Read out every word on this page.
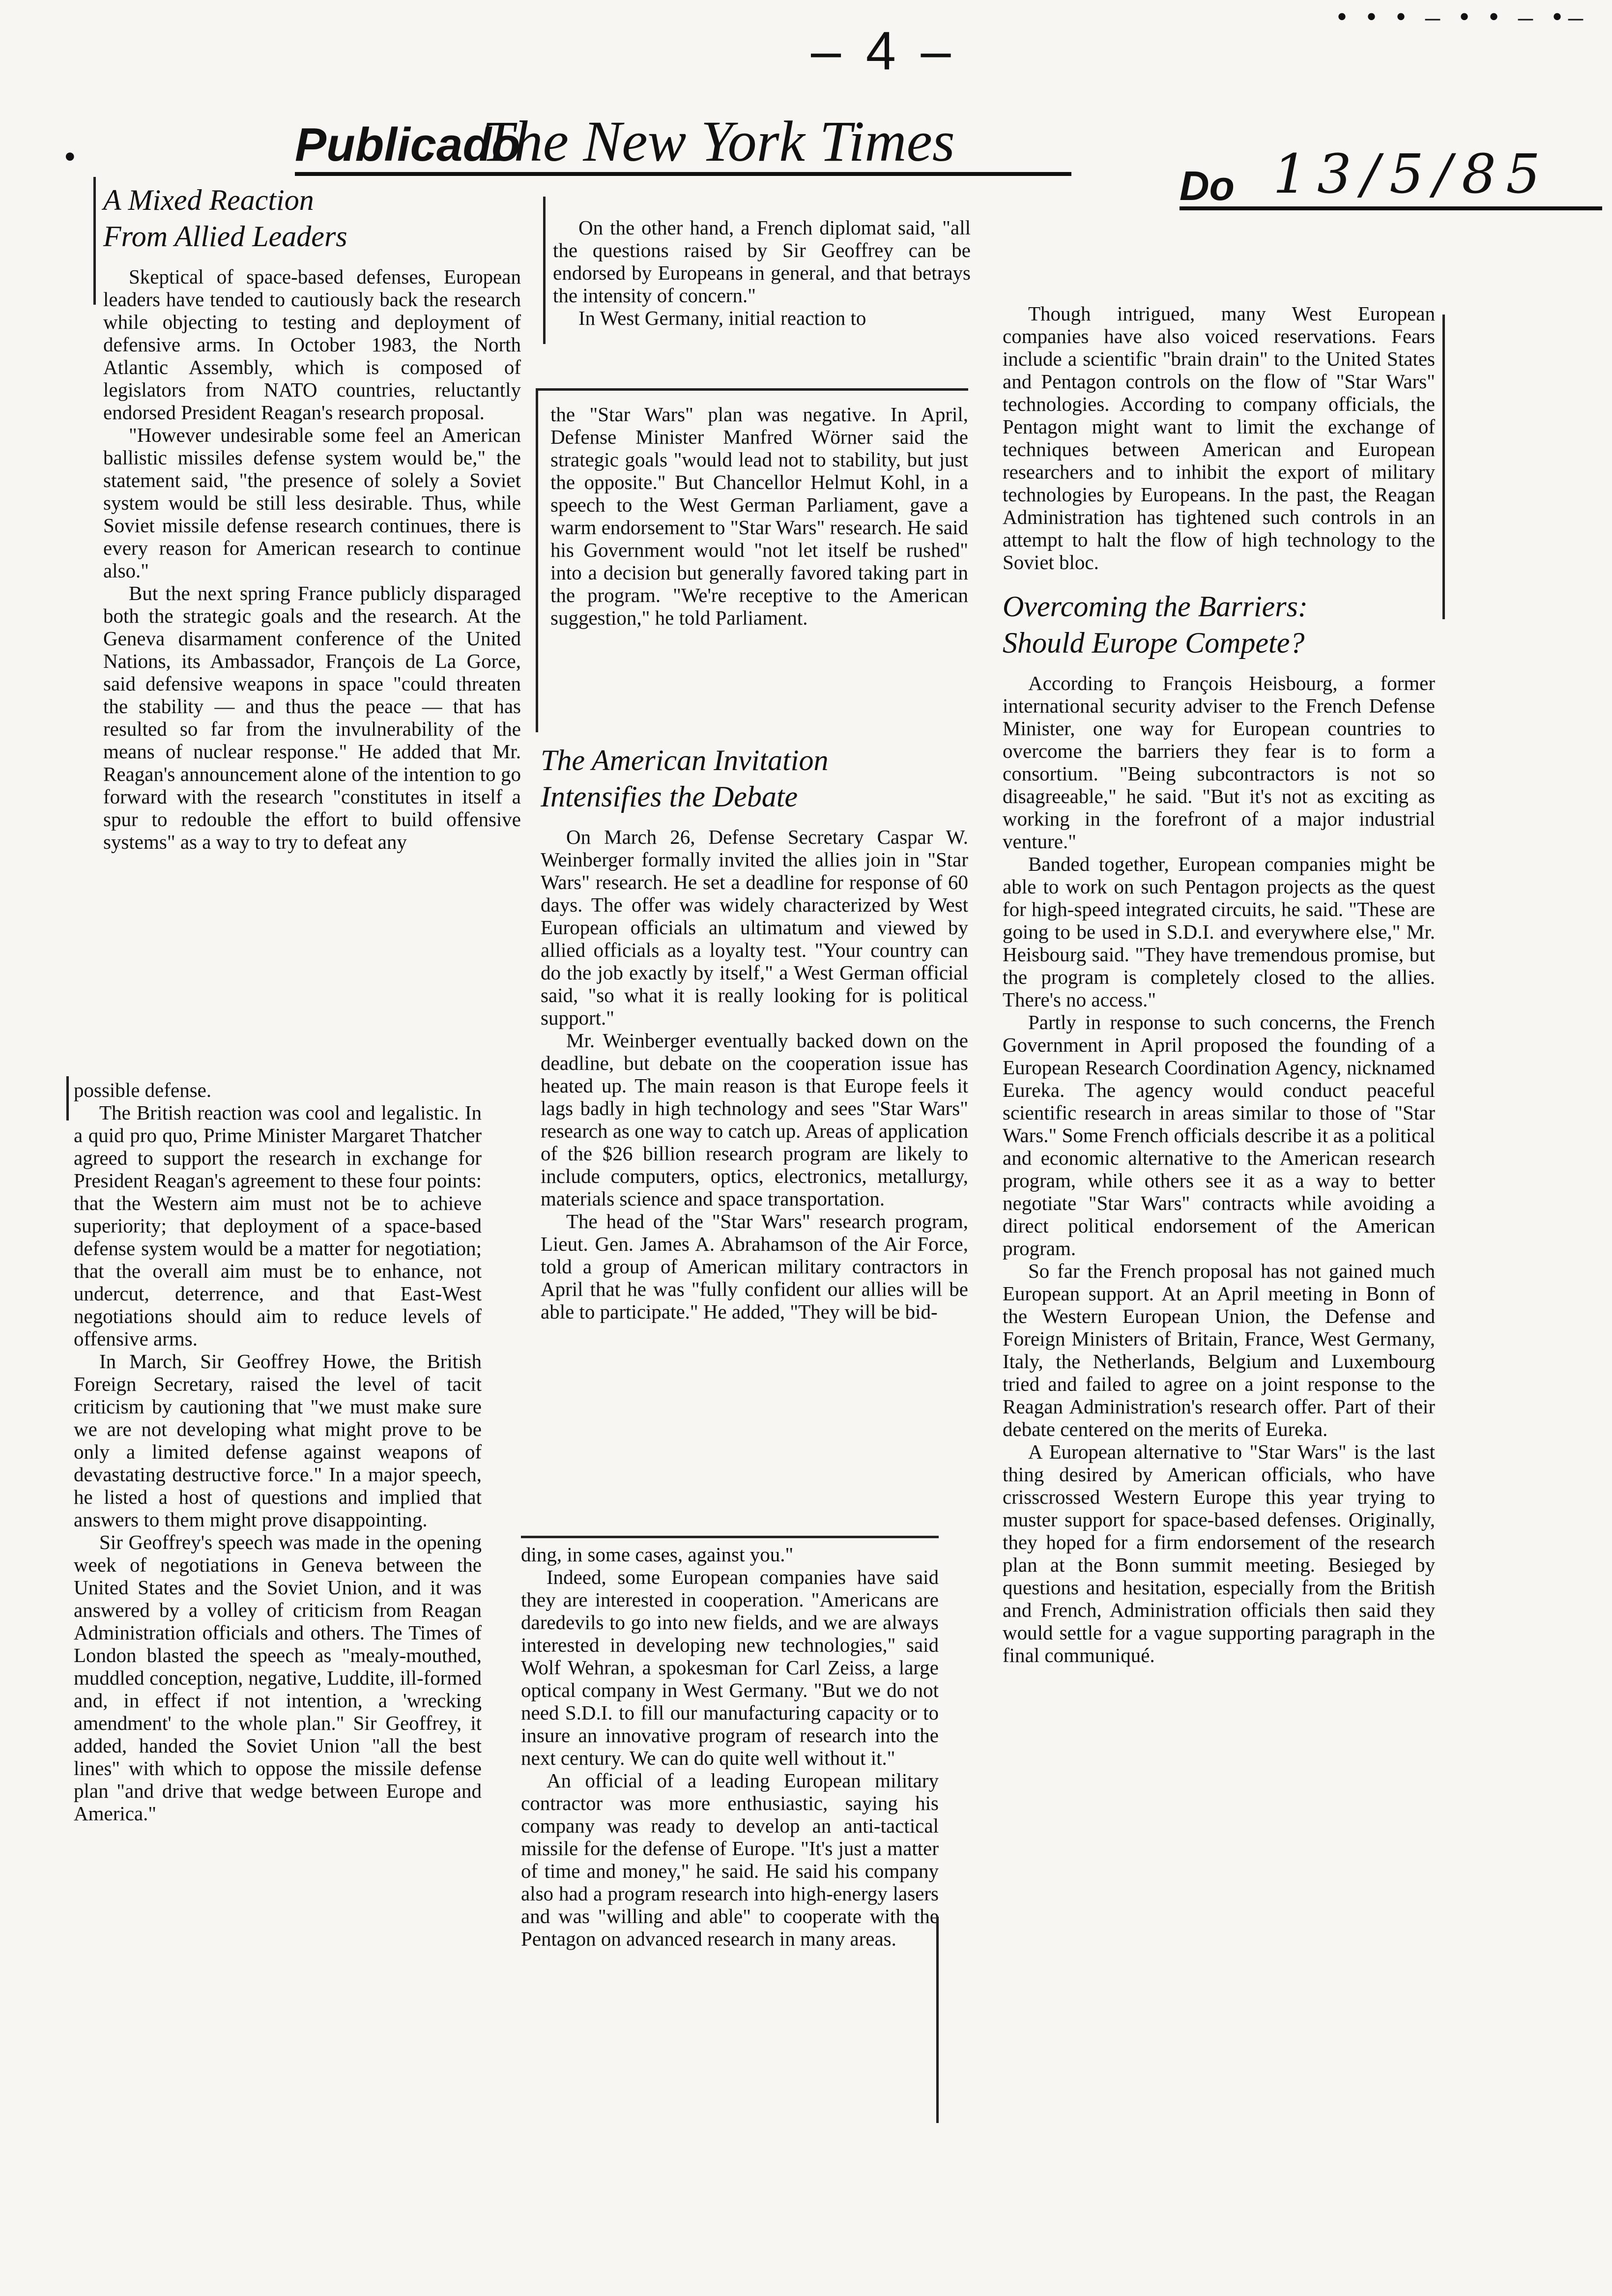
– 4 –
• • • ‒ • • ‒ •‒
•	Publicado
The New York Times
Do 13/5/85
A Mixed Reaction
From Allied Leaders

Skeptical of space-based defenses, European leaders have tended to cautiously back the research while objecting to testing and deployment of defensive arms. In October 1983, the North Atlantic Assembly, which is composed of legislators from NATO countries, reluctantly endorsed President Reagan's research proposal.

"However undesirable some feel an American ballistic missiles defense system would be," the statement said, "the presence of solely a Soviet system would be still less desirable. Thus, while Soviet missile defense research continues, there is every reason for American research to continue also."

But the next spring France publicly disparaged both the strategic goals and the research. At the Geneva disarmament conference of the United Nations, its Ambassador, François de La Gorce, said defensive weapons in space "could threaten the stability — and thus the peace — that has resulted so far from the invulnerability of the means of nuclear response." He added that Mr. Reagan's announcement alone of the intention to go forward with the research "constitutes in itself a spur to redouble the effort to build offensive systems" as a way to try to defeat any

possible defense.

The British reaction was cool and legalistic. In a quid pro quo, Prime Minister Margaret Thatcher agreed to support the research in exchange for President Reagan's agreement to these four points: that the Western aim must not be to achieve superiority; that deployment of a space-based defense system would be a matter for negotiation; that the overall aim must be to enhance, not undercut, deterrence, and that East-West negotiations should aim to reduce levels of offensive arms.

In March, Sir Geoffrey Howe, the British Foreign Secretary, raised the level of tacit criticism by cautioning that "we must make sure we are not developing what might prove to be only a limited defense against weapons of devastating destructive force." In a major speech, he listed a host of questions and implied that answers to them might prove disappointing.

Sir Geoffrey's speech was made in the opening week of negotiations in Geneva between the United States and the Soviet Union, and it was answered by a volley of criticism from Reagan Administration officials and others. The Times of London blasted the speech as "mealy-mouthed, muddled conception, negative, Luddite, ill-formed and, in effect if not intention, a 'wrecking amendment' to the whole plan." Sir Geoffrey, it added, handed the Soviet Union "all the best lines" with which to oppose the missile defense plan "and drive that wedge between Europe and America."

On the other hand, a French diplomat said, "all the questions raised by Sir Geoffrey can be endorsed by Europeans in general, and that betrays the intensity of concern."

In West Germany, initial reaction to

the "Star Wars" plan was negative. In April, Defense Minister Manfred Wörner said the strategic goals "would lead not to stability, but just the opposite." But Chancellor Helmut Kohl, in a speech to the West German Parliament, gave a warm endorsement to "Star Wars" research. He said his Government would "not let itself be rushed" into a decision but generally favored taking part in the program. "We're receptive to the American suggestion," he told Parliament.

The American Invitation
Intensifies the Debate

On March 26, Defense Secretary Caspar W. Weinberger formally invited the allies join in "Star Wars" research. He set a deadline for response of 60 days. The offer was widely characterized by West European officials an ultimatum and viewed by allied officials as a loyalty test. "Your country can do the job exactly by itself," a West German official said, "so what it is really looking for is political support."

Mr. Weinberger eventually backed down on the deadline, but debate on the cooperation issue has heated up. The main reason is that Europe feels it lags badly in high technology and sees "Star Wars" research as one way to catch up. Areas of application of the $26 billion research program are likely to include computers, optics, electronics, metallurgy, materials science and space transportation.

The head of the "Star Wars" research program, Lieut. Gen. James A. Abrahamson of the Air Force, told a group of American military contractors in April that he was "fully confident our allies will be able to participate." He added, "They will be bid-

ding, in some cases, against you."

Indeed, some European companies have said they are interested in cooperation. "Americans are daredevils to go into new fields, and we are always interested in developing new technologies," said Wolf Wehran, a spokesman for Carl Zeiss, a large optical company in West Germany. "But we do not need S.D.I. to fill our manufacturing capacity or to insure an innovative program of research into the next century. We can do quite well without it."

An official of a leading European military contractor was more enthusiastic, saying his company was ready to develop an anti-tactical missile for the defense of Europe. "It's just a matter of time and money," he said. He said his company also had a program research into high-energy lasers and was "willing and able" to cooperate with the Pentagon on advanced research in many areas.

Though intrigued, many West European companies have also voiced reservations. Fears include a scientific "brain drain" to the United States and Pentagon controls on the flow of "Star Wars" technologies. According to company officials, the Pentagon might want to limit the exchange of techniques between American and European researchers and to inhibit the export of military technologies by Europeans. In the past, the Reagan Administration has tightened such controls in an attempt to halt the flow of high technology to the Soviet bloc.

Overcoming the Barriers:
Should Europe Compete?

According to François Heisbourg, a former international security adviser to the French Defense Minister, one way for European countries to overcome the barriers they fear is to form a consortium. "Being subcontractors is not so disagreeable," he said. "But it's not as exciting as working in the forefront of a major industrial venture."

Banded together, European companies might be able to work on such Pentagon projects as the quest for high-speed integrated circuits, he said. "These are going to be used in S.D.I. and everywhere else," Mr. Heisbourg said. "They have tremendous promise, but the program is completely closed to the allies. There's no access."

Partly in response to such concerns, the French Government in April proposed the founding of a European Research Coordination Agency, nicknamed Eureka. The agency would conduct peaceful scientific research in areas similar to those of "Star Wars." Some French officials describe it as a political and economic alternative to the American research program, while others see it as a way to better negotiate "Star Wars" contracts while avoiding a direct political endorsement of the American program.

So far the French proposal has not gained much European support. At an April meeting in Bonn of the Western European Union, the Defense and Foreign Ministers of Britain, France, West Germany, Italy, the Netherlands, Belgium and Luxembourg tried and failed to agree on a joint response to the Reagan Administration's research offer. Part of their debate centered on the merits of Eureka.

A European alternative to "Star Wars" is the last thing desired by American officials, who have crisscrossed Western Europe this year trying to muster support for space-based defenses. Originally, they hoped for a firm endorsement of the research plan at the Bonn summit meeting. Besieged by questions and hesitation, especially from the British and French, Administration officials then said they would settle for a vague supporting paragraph in the final communiqué.
